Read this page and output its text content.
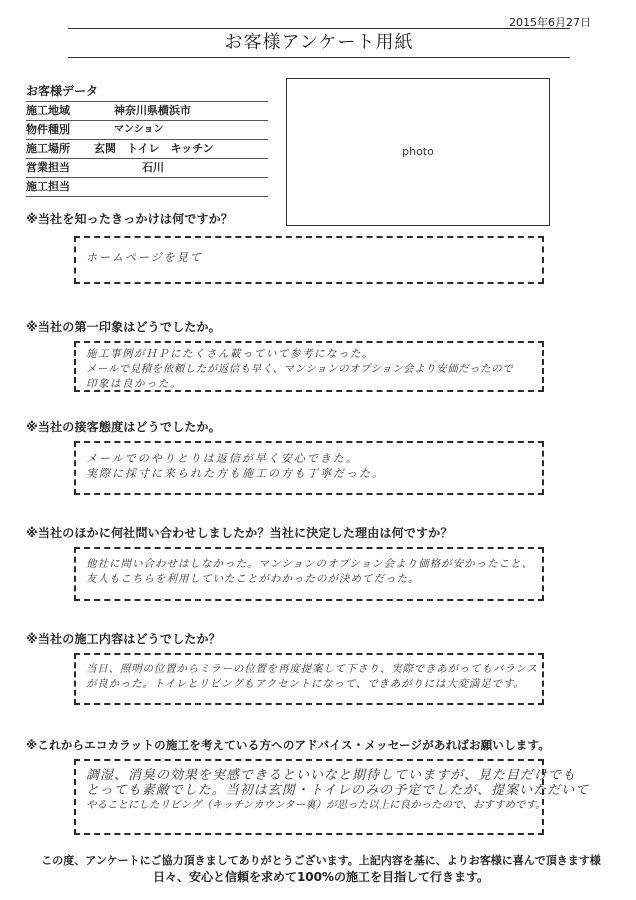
2015年6月27日
お客様アンケート用紙
お客様データ
施工地域	神奈川県横浜市
物件種別	マンション
施工場所 玄関　トイレ　キッチン
営業担当	石川
施工担当
photo
※当社を知ったきっかけは何ですか？
ホームページを見て
※当社の第一印象はどうでしたか。
施工事例がＨＰにたくさん載っていて参考になった。
メールで見積を依頼したが返信も早く、マンションのオプション会より安価だったので
印象は良かった。
※当社の接客態度はどうでしたか。
メールでのやりとりは返信が早く安心できた。
実際に採寸に来られた方も施工の方も丁寧だった。
※当社のほかに何社問い合わせしましたか？当社に決定した理由は何ですか？
他社に問い合わせはしなかった。マンションのオプション会より価格が安かったこと、
友人もこちらを利用していたことがわかったのが決めてだった。
※当社の施工内容はどうでしたか？
当日、照明の位置からミラーの位置を再度提案して下さり、実際できあがってもバランス
が良かった。トイレとリビングもアクセントになって、できあがりには大変満足です。
※これからエコカラットの施工を考えている方へのアドバイス・メッセージがあればお願いします。
調湿、消臭の効果を実感できるといいなと期待していますが、見た目だけでも
とっても素敵でした。当初は玄関・トイレのみの予定でしたが、提案いただいて
やることにしたリビング（キッチンカウンター裏）が思った以上に良かったので、おすすめです。
この度、アンケートにご協力頂きましてありがとうございます。上記内容を基に、よりお客様に喜んで頂きます様
日々、安心と信頼を求めて100%の施工を目指して行きます。
